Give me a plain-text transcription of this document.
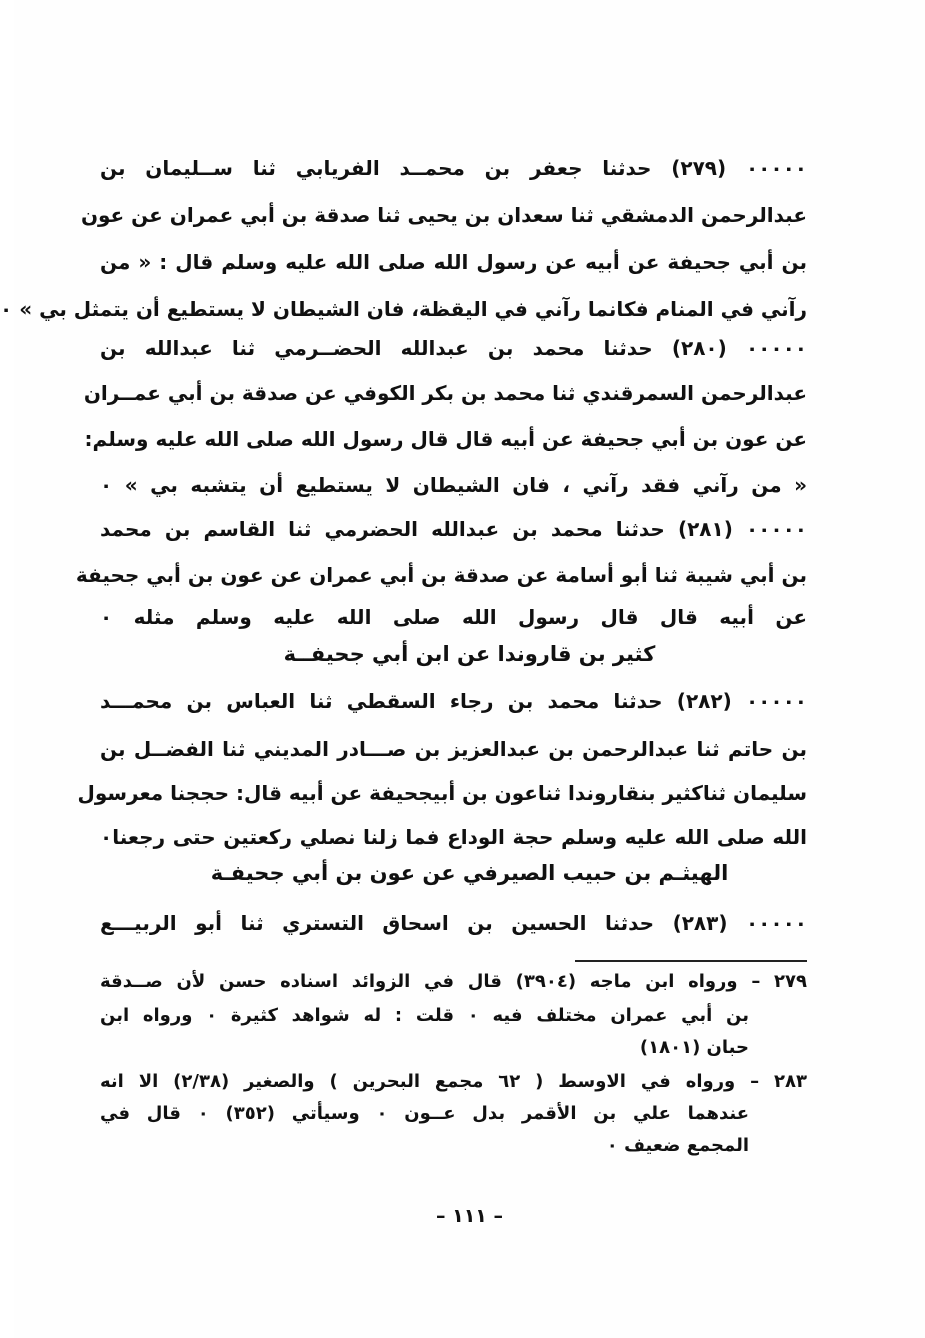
٠٠٠٠٠ (٢٧٩) حدثنا جعفر بن محمــد الفريابي ثنا ســليمان بن
عبدالرحمن الدمشقي ثنا سعدان بن يحيى ثنا صدقة بن أبي عمران عن عون
بن أبي جحيفة عن أبيه عن رسول الله صلى الله عليه وسلم قال : « من
رآني في المنام فكانما رآني في اليقظة، فان الشيطان لا يستطيع أن يتمثل بي » ٠
٠٠٠٠٠ (٢٨٠) حدثنا محمد بن عبدالله الحضــرمي ثنا عبدالله بن
عبدالرحمن السمرقندي ثنا محمد بن بكر الكوفي عن صدقة بن أبي عمــران
عن عون بن أبي جحيفة عن أبيه قال قال رسول الله صلى الله عليه وسلم:
« من رآني فقد رآني ، فان الشيطان لا يستطيع أن يتشبه بي » ٠
٠٠٠٠٠ (٢٨١) حدثنا محمد بن عبدالله الحضرمي ثنا القاسم بن محمد
بن أبي شيبة ثنا أبو أسامة عن صدقة بن أبي عمران عن عون بن أبي جحيفة
عن أبيه قال قال رسول الله صلى الله عليه وسلم مثله ٠
كثير بن قاروندا عن ابن أبي جحيفــة
٠٠٠٠٠ (٢٨٢) حدثنا محمد بن رجاء السقطي ثنا العباس بن محمـــد
بن حاتم ثنا عبدالرحمن بن عبدالعزيز بن صـــادر المديني ثنا الفضــل بن
سليمان ثناكثير بنقاروندا ثناعون بن أبيجحيفة عن أبيه قال: حججنا معرسول
الله صلى الله عليه وسلم حجة الوداع فما زلنا نصلي ركعتين حتى رجعنا٠
الهيثـم بن حبيب الصيرفي عن عون بن أبي جحيفـة
٠٠٠٠٠ (٢٨٣) حدثنا الحسين بن اسحاق التستري ثنا أبو الربيـــع
٢٧٩ – ورواه ابن ماجه (٣٩٠٤) قال في الزوائد اسناده حسن لأن صــدقة
بن أبي عمران مختلف فيه ٠ قلت : له شواهد كثيرة ٠ ورواه ابن
حبان (١٨٠١)
٢٨٣ – ورواه في الاوسط ( ٦٢ مجمع البحرين ) والصغير (٢/٣٨) الا انه
عندهما علي بن الأقمر بدل عــون ٠ وسيأتي (٣٥٢) ٠ قال في
المجمع ضعيف ٠
– ١١١ –
